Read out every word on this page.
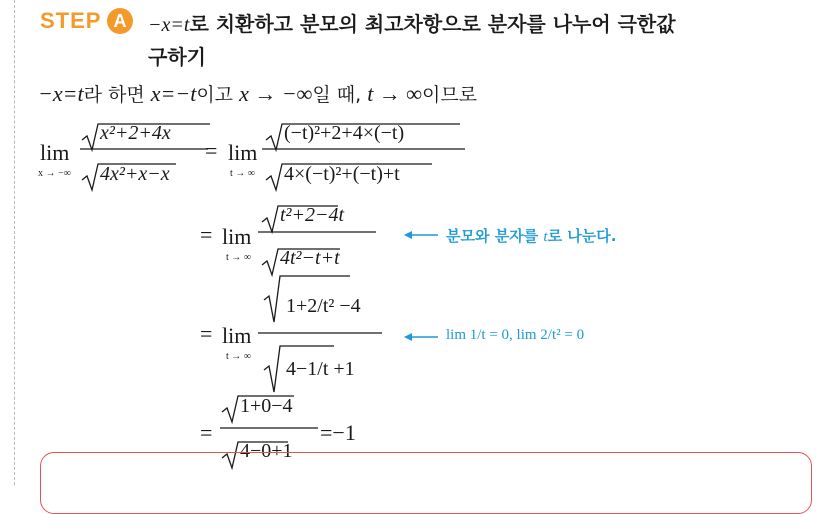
STEP A	−x=t로 치환하고 분모의 최고차항으로 분자를 나누어 극한값
구하기
−x=t라 하면 x=−t이고 x → −∞일 때, t → ∞이므로
lim
x → −∞
x²+2+4x
4x²+x−x
= lim
t → ∞
(−t)²+2+4×(−t)
4×(−t)²+(−t)+t
= lim
t → ∞
t²+2−4t
4t²−t+t
= lim
t → ∞
1+2/t² −4
4−1/t +1
=
1+0−4
4−0+1
=−1
분모와 분자를 t로 나눈다.
lim 1/t = 0, lim 2/t² = 0
